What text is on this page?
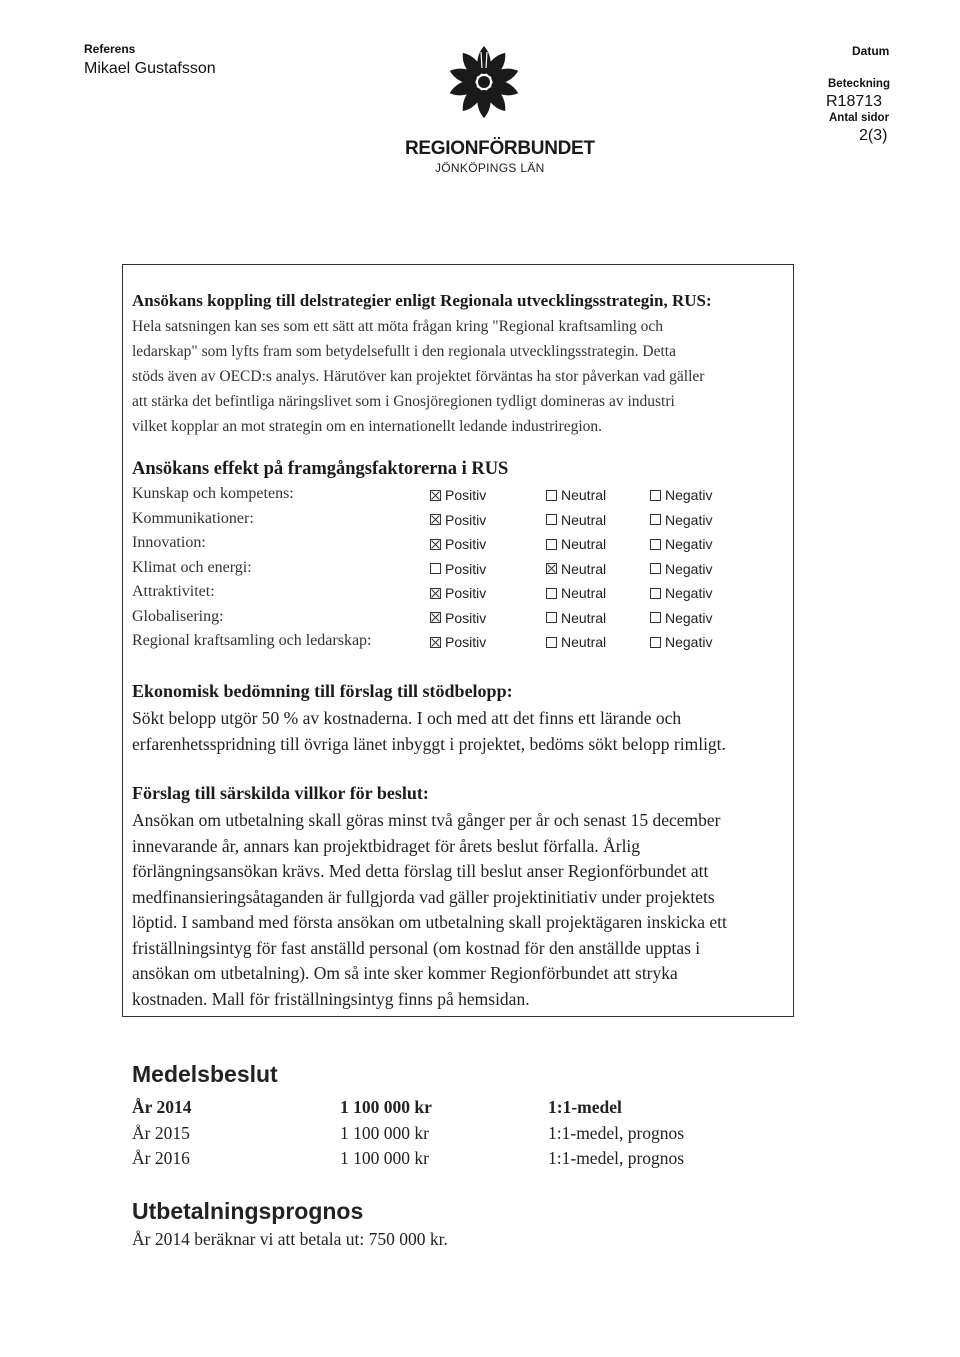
Referens
Mikael Gustafsson
REGIONFÖRBUNDET
JÖNKÖPINGS LÄN
Datum
Beteckning
R18713
Antal sidor
2(3)
Ansökans koppling till delstrategier enligt Regionala utvecklingsstrategin, RUS:
Hela satsningen kan ses som ett sätt att möta frågan kring "Regional kraftsamling och
ledarskap" som lyfts fram som betydelsefullt i den regionala utvecklingsstrategin. Detta
stöds även av OECD:s analys. Härutöver kan projektet förväntas ha stor påverkan vad gäller
att stärka det befintliga näringslivet som i Gnosjöregionen tydligt domineras av industri
vilket kopplar an mot strategin om en internationellt ledande industriregion.
Ansökans effekt på framgångsfaktorerna i RUS
Kunskap och kompetens:	Positiv	Neutral	Negativ
Kommunikationer:	Positiv	Neutral	Negativ
Innovation:	Positiv	Neutral	Negativ
Klimat och energi:	Positiv	Neutral	Negativ
Attraktivitet:	Positiv	Neutral	Negativ
Globalisering:	Positiv	Neutral	Negativ
Regional kraftsamling och ledarskap:	Positiv	Neutral	Negativ
Ekonomisk bedömning till förslag till stödbelopp:
Sökt belopp utgör 50 % av kostnaderna. I och med att det finns ett lärande och
erfarenhetsspridning till övriga länet inbyggt i projektet, bedöms sökt belopp rimligt.
Förslag till särskilda villkor för beslut:
Ansökan om utbetalning skall göras minst två gånger per år och senast 15 december
innevarande år, annars kan projektbidraget för årets beslut förfalla. Årlig
förlängningsansökan krävs. Med detta förslag till beslut anser Regionförbundet att
medfinansieringsåtaganden är fullgjorda vad gäller projektinitiativ under projektets
löptid. I samband med första ansökan om utbetalning skall projektägaren inskicka ett
friställningsintyg för fast anställd personal (om kostnad för den anställde upptas i
ansökan om utbetalning). Om så inte sker kommer Regionförbundet att stryka
kostnaden. Mall för friställningsintyg finns på hemsidan.
Medelsbeslut
År 2014	1 100 000 kr	1:1-medel
År 2015	1 100 000 kr	1:1-medel, prognos
År 2016	1 100 000 kr	1:1-medel, prognos
Utbetalningsprognos
År 2014 beräknar vi att betala ut: 750 000 kr.
